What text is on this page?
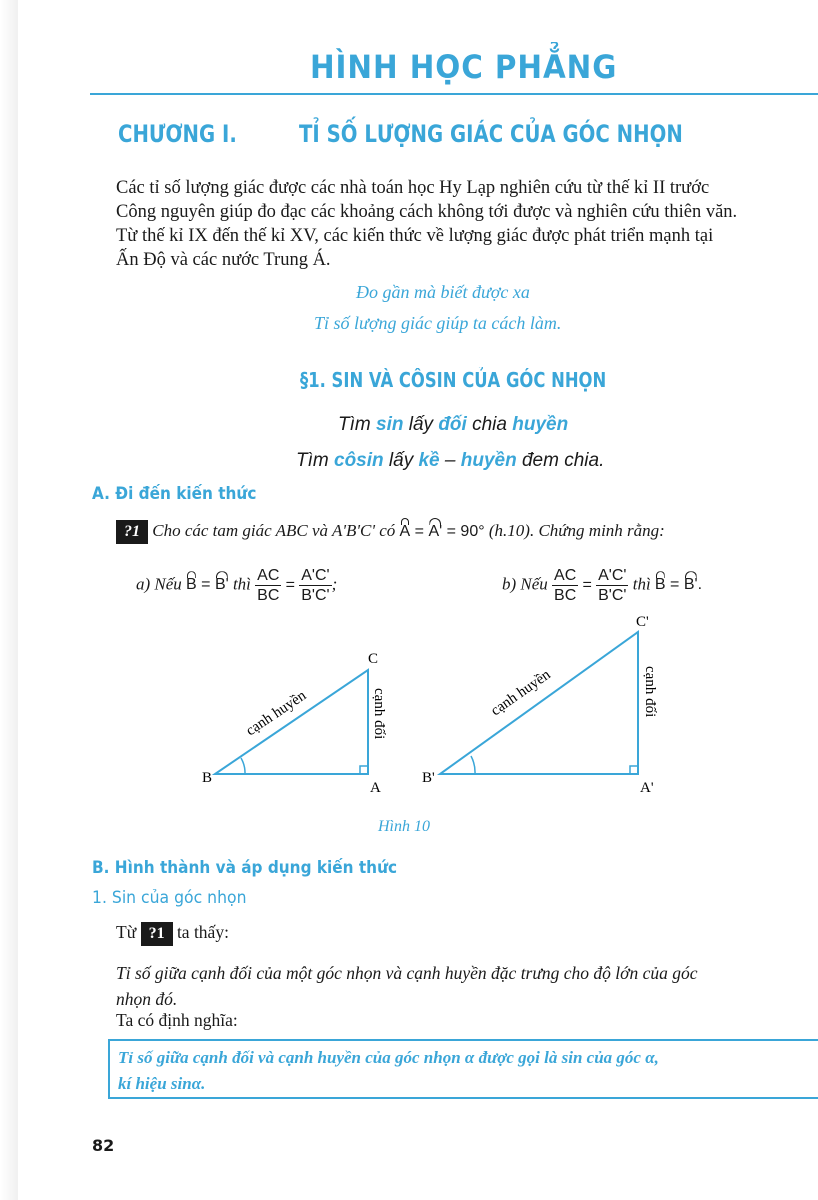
HÌNH HỌC PHẲNG
CHƯƠNG I.	TỈ SỐ LƯỢNG GIÁC CỦA GÓC NHỌN
Các tỉ số lượng giác được các nhà toán học Hy Lạp nghiên cứu từ thế kỉ II trước
Công nguyên giúp đo đạc các khoảng cách không tới được và nghiên cứu thiên văn.
Từ thế kỉ IX đến thế kỉ XV, các kiến thức về lượng giác được phát triển mạnh tại
Ấn Độ và các nước Trung Á.
Đo gần mà biết được xa
Tỉ số lượng giác giúp ta cách làm.
§1. SIN VÀ CÔSIN CỦA GÓC NHỌN
Tìm sin lấy đối chia huyền
Tìm côsin lấy kề – huyền đem chia.
A. Đi đến kiến thức
?1 Cho các tam giác ABC và A'B'C' có A = A' = 90° (h.10). Chứng minh rằng:
a) Nếu B = B' thì $\frac{AC}{BC} = \frac{A'C'}{B'C'}$ ;	b) Nếu $\frac{AC}{BC} = \frac{A'C'}{B'C'}$ thì B = B'.
B
A
C
cạnh huyền	cạnh đối
B'
A'
C'
cạnh huyền	cạnh đối
Hình 10
B. Hình thành và áp dụng kiến thức
1. Sin của góc nhọn
Từ ?1 ta thấy:
Tỉ số giữa cạnh đối của một góc nhọn và cạnh huyền đặc trưng cho độ lớn của góc
nhọn đó.
Ta có định nghĩa:
Tỉ số giữa cạnh đối và cạnh huyền của góc nhọn α được gọi là sin của góc α,
kí hiệu sinα.
82
